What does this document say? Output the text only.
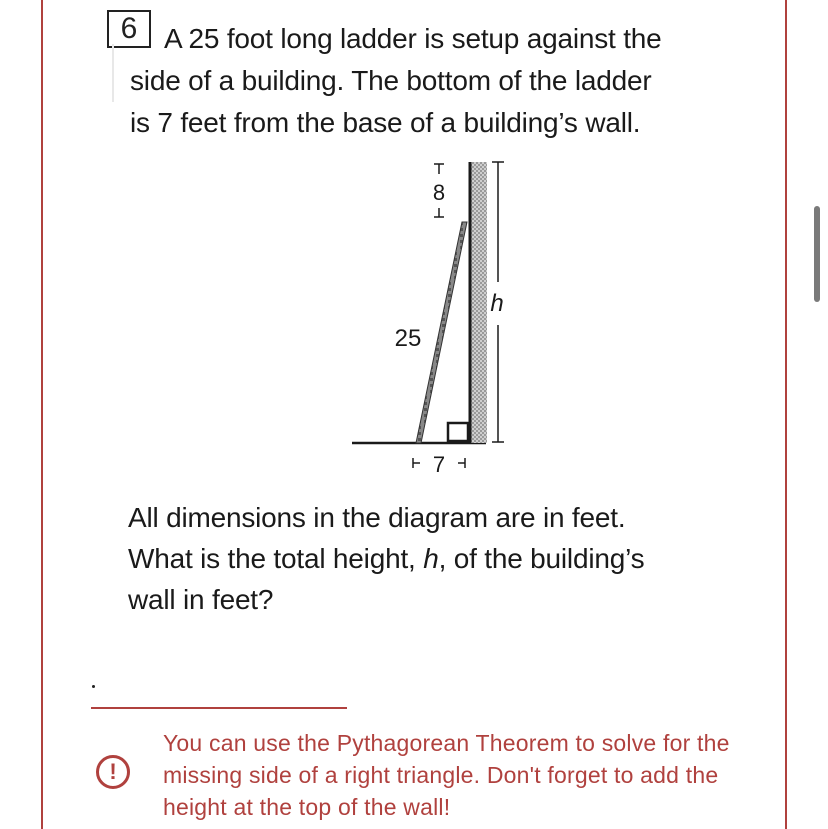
6 A 25 foot long ladder is setup against the
side of a building. The bottom of the ladder
is 7 feet from the base of a building’s wall.
8
25
h
7
All dimensions in the diagram are in feet.
What is the total height, h, of the building’s
wall in feet?
!
You can use the Pythagorean Theorem to solve for the missing side of a right triangle. Don't forget to add the height at the top of the wall!
